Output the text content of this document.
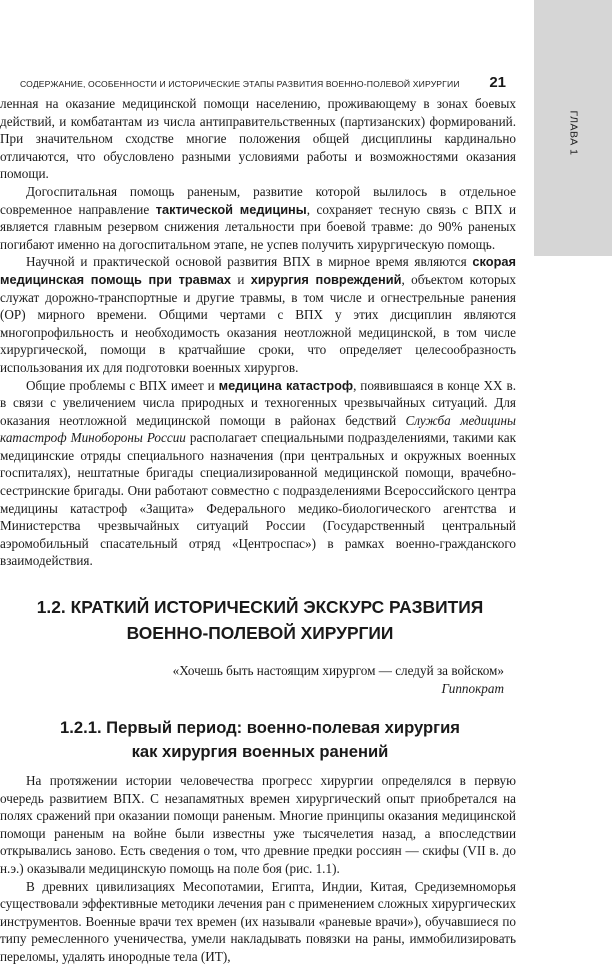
ГЛАВА 1
СОДЕРЖАНИЕ, ОСОБЕННОСТИ И ИСТОРИЧЕСКИЕ ЭТАПЫ РАЗВИТИЯ ВОЕННО-ПОЛЕВОЙ ХИРУРГИИ 21

ленная на оказание медицинской помощи населению, проживающему в зонах боевых действий, и комбатантам из числа антиправительственных (партизанских) формирований. При значительном сходстве многие положения общей дисциплины кардинально отличаются, что обусловлено разными условиями работы и возможностями оказания помощи.

Догоспитальная помощь раненым, развитие которой вылилось в отдельное современное направление тактической медицины, сохраняет тесную связь с ВПХ и является главным резервом снижения летальности при боевой травме: до 90% раненых погибают именно на догоспитальном этапе, не успев получить хирургическую помощь.

Научной и практической основой развития ВПХ в мирное время являются скорая медицинская помощь при травмах и хирургия повреждений, объектом которых служат дорожно-транспортные и другие травмы, в том числе и огнестрельные ранения (ОР) мирного времени. Общими чертами с ВПХ у этих дисциплин являются многопрофильность и необходимость оказания неотложной медицинской, в том числе хирургической, помощи в кратчайшие сроки, что определяет целесообразность использования их для подготовки военных хирургов.

Общие проблемы с ВПХ имеет и медицина катастроф, появившаяся в конце XX в. в связи с увеличением числа природных и техногенных чрезвычайных ситуаций. Для оказания неотложной медицинской помощи в районах бедствий Служба медицины катастроф Минобороны России располагает специальными подразделениями, такими как медицинские отряды специального назначения (при центральных и окружных военных госпиталях), нештатные бригады специализированной медицинской помощи, врачебно-сестринские бригады. Они работают совместно с подразделениями Всероссийского центра медицины катастроф «Защита» Федерального медико-биологического агентства и Министерства чрезвычайных ситуаций России (Государственный центральный аэромобильный спасательный отряд «Центроспас») в рамках военно-гражданского взаимодействия.

1.2. КРАТКИЙ ИСТОРИЧЕСКИЙ ЭКСКУРС РАЗВИТИЯ
ВОЕННО-ПОЛЕВОЙ ХИРУРГИИ
«Хочешь быть настоящим хирургом — следуй за войском»
Гиппократ
1.2.1. Первый период: военно-полевая хирургия
как хирургия военных ранений

На протяжении истории человечества прогресс хирургии определялся в первую очередь развитием ВПХ. С незапамятных времен хирургический опыт приобретался на полях сражений при оказании помощи раненым. Многие принципы оказания медицинской помощи раненым на войне были известны уже тысячелетия назад, а впоследствии открывались заново. Есть сведения о том, что древние предки россиян — скифы (VII в. до н.э.) оказывали медицинскую помощь на поле боя (рис. 1.1).

В древних цивилизациях Месопотамии, Египта, Индии, Китая, Средиземноморья существовали эффективные методики лечения ран с применением сложных хирургических инструментов. Военные врачи тех времен (их называли «раневые врачи»), обучавшиеся по типу ремесленного ученичества, умели накладывать повязки на раны, иммобилизировать переломы, удалять инородные тела (ИТ),
